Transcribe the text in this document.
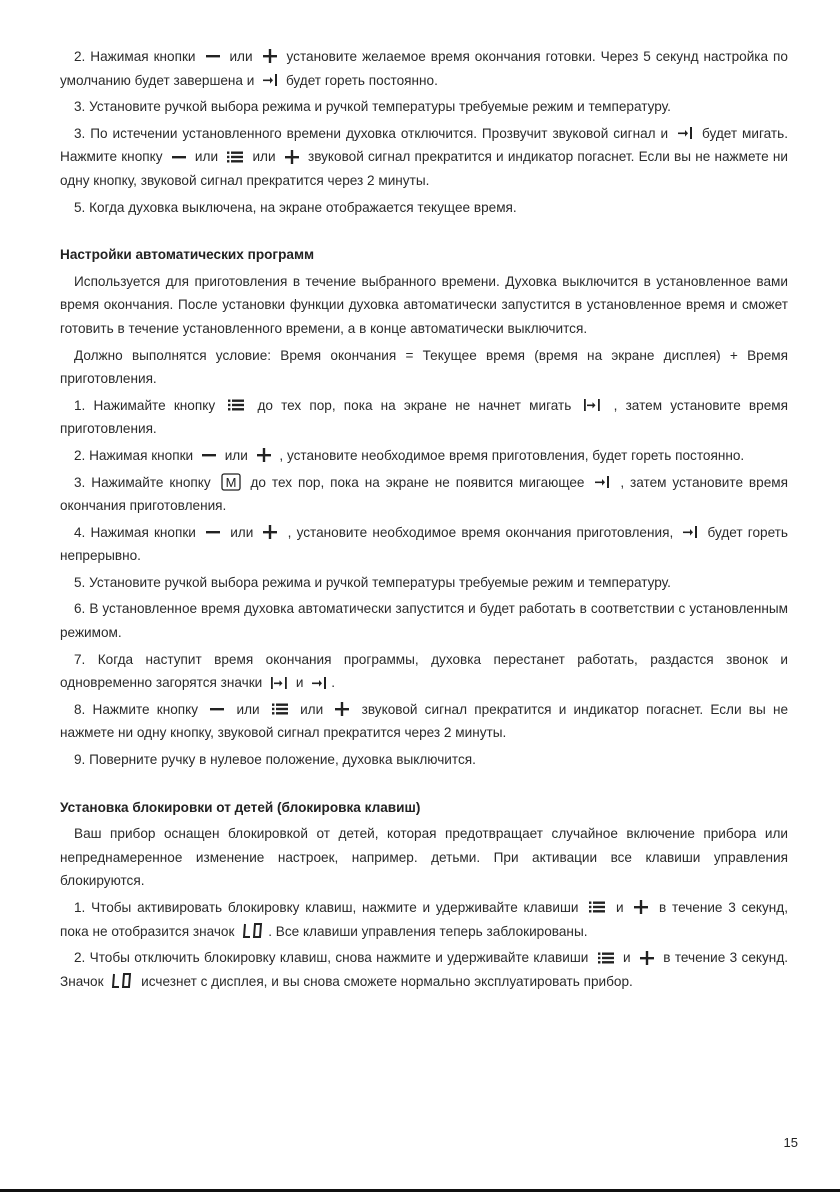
2. Нажимая кнопки или установите желаемое время окончания готовки. Через 5 секунд настройка по умолчанию будет завершена и будет гореть постоянно.

3. Установите ручкой выбора режима и ручкой температуры требуемые режим и температуру.

3. По истечении установленного времени духовка отключится. Прозвучит звуковой сигнал и будет мигать. Нажмите кнопку или	или звуковой сигнал прекратится и индикатор погаснет. Если вы не нажмете ни одну кнопку, звуковой сигнал прекратится через 2 минуты.

5. Когда духовка выключена, на экране отображается текущее время.

Настройки автоматических программ

Используется для приготовления в течение выбранного времени. Духовка выключится в установленное вами время окончания. После установки функции духовка автоматически запустится в установленное время и сможет готовить в течение установленного времени, а в конце автоматически выключится.

Должно выполнятся условие: Время окончания = Текущее время (время на экране дисплея) + Время приготовления.

1. Нажимайте кнопку	до тех пор, пока на экране не начнет мигать	, затем установите время приготовления.

2. Нажимая кнопки или , установите необходимое время приготовления, будет гореть постоянно.

3. Нажимайте кнопку M до тех пор, пока на экране не появится мигающее	, затем установите время окончания приготовления.

4. Нажимая кнопки	или	, установите необходимое время окончания приготовления,	будет гореть непрерывно.

5. Установите ручкой выбора режима и ручкой температуры требуемые режим и температуру.

6. В установленное время духовка автоматически запустится и будет работать в соответствии с установленным режимом.

7. Когда наступит время окончания программы, духовка перестанет работать, раздастся звонок и одновременно загорятся значки и .

8. Нажмите кнопку	или	или	звуковой сигнал прекратится и индикатор погаснет. Если вы не нажмете ни одну кнопку, звуковой сигнал прекратится через 2 минуты.

9. Поверните ручку в нулевое положение, духовка выключится.

Установка блокировки от детей (блокировка клавиш)

Ваш прибор оснащен блокировкой от детей, которая предотвращает случайное включение прибора или непреднамеренное изменение настроек, например. детьми. При активации все клавиши управления блокируются.

1. Чтобы активировать блокировку клавиш, нажмите и удерживайте клавиши	и	в течение 3 секунд, пока не отобразится значок . Все клавиши управления теперь заблокированы.

2. Чтобы отключить блокировку клавиш, снова нажмите и удерживайте клавиши	и в течение 3 секунд. Значок	исчезнет с дисплея, и вы снова сможете нормально эксплуатировать прибор.

15
